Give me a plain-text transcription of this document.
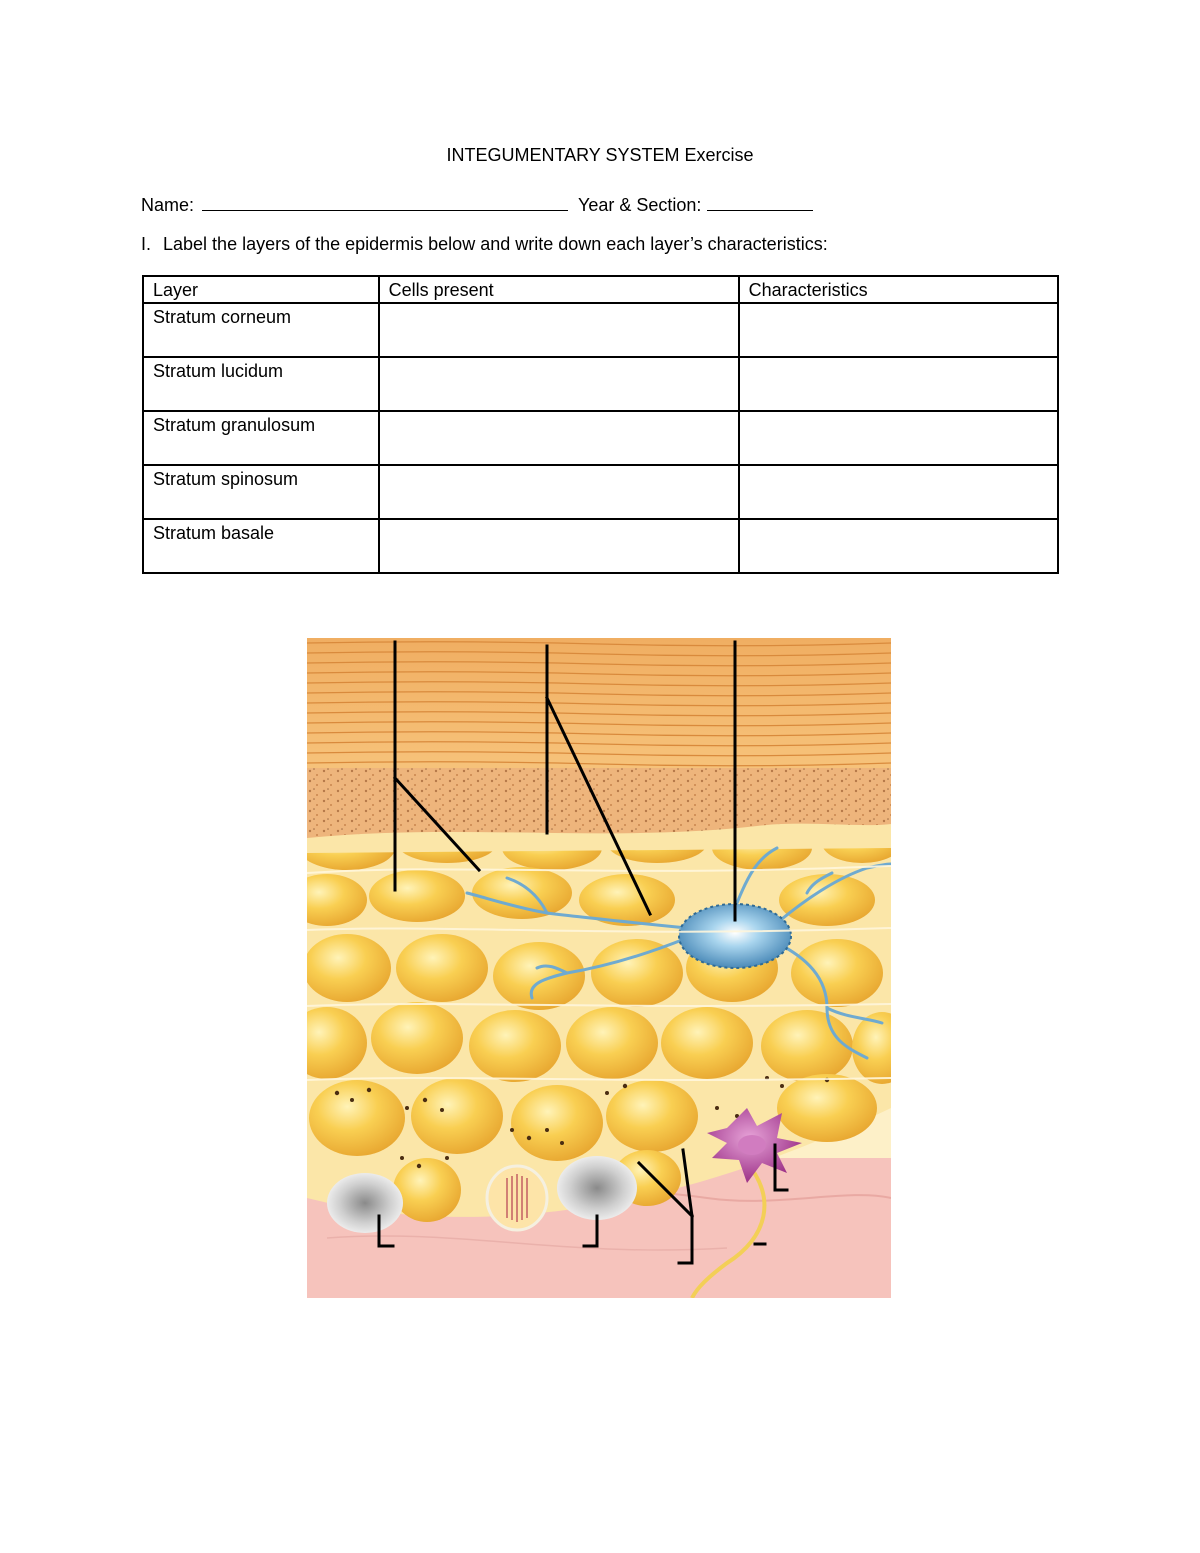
INTEGUMENTARY SYSTEM Exercise
Name:	Year & Section:
I. Label the layers of the epidermis below and write down each layer’s characteristics:
Layer	Cells present	Characteristics
Stratum corneum		
Stratum lucidum		
Stratum granulosum		
Stratum spinosum		
Stratum basale		
